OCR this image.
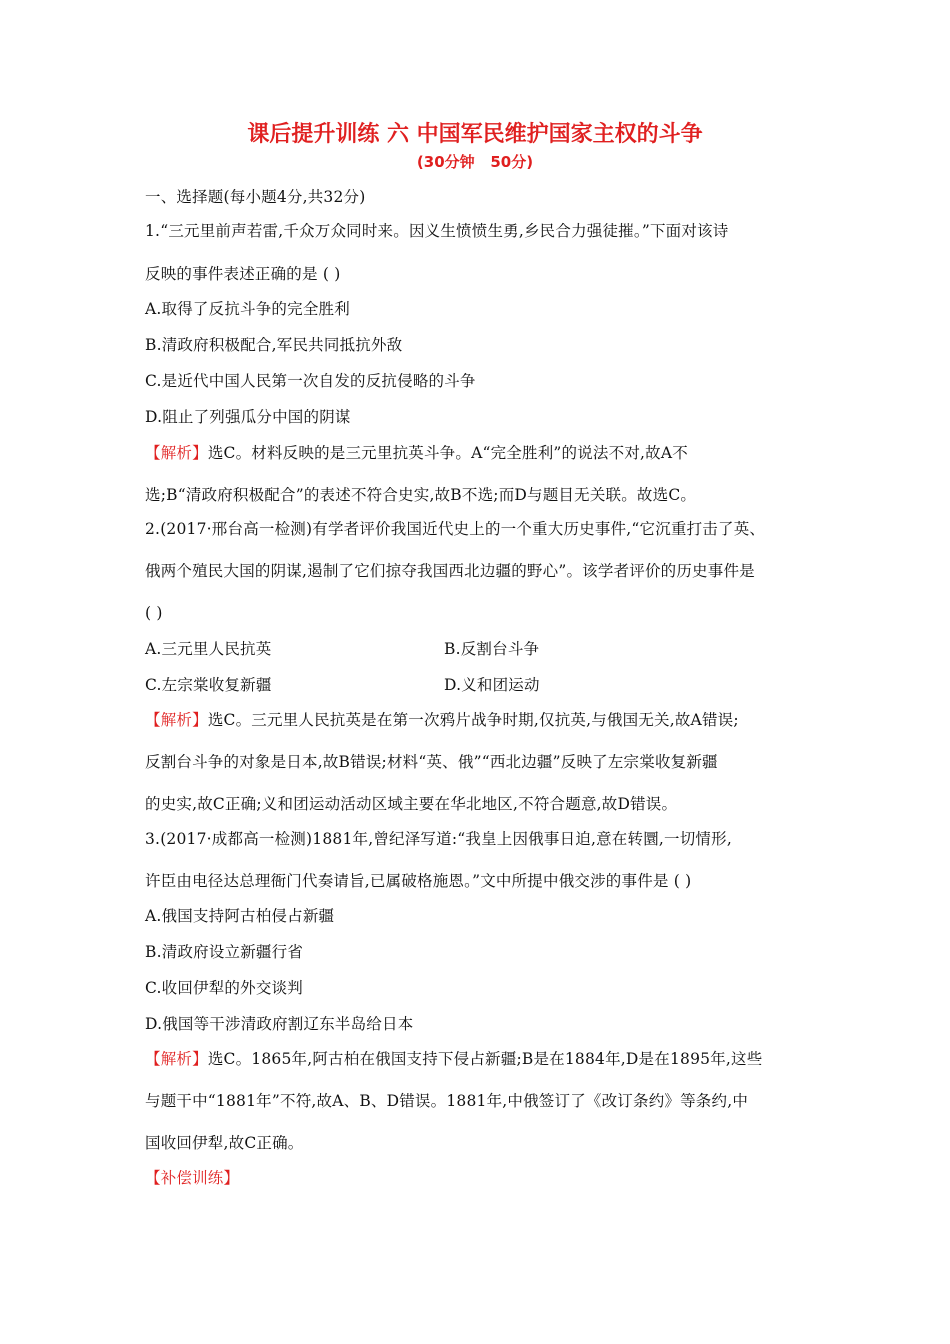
课后提升训练 六 中国军民维护国家主权的斗争
(30分钟   50分)
一、选择题(每小题4分,共32分)
1.“三元里前声若雷,千众万众同时来。因义生愤愤生勇,乡民合力强徒摧。”下面对该诗
反映的事件表述正确的是 ( )
A.取得了反抗斗争的完全胜利
B.清政府积极配合,军民共同抵抗外敌
C.是近代中国人民第一次自发的反抗侵略的斗争
D.阻止了列强瓜分中国的阴谋
【解析】选C。材料反映的是三元里抗英斗争。A“完全胜利”的说法不对,故A不
选;B“清政府积极配合”的表述不符合史实,故B不选;而D与题目无关联。故选C。
2.(2017·邢台高一检测)有学者评价我国近代史上的一个重大历史事件,“它沉重打击了英、
俄两个殖民大国的阴谋,遏制了它们掠夺我国西北边疆的野心”。该学者评价的历史事件是
( )
A.三元里人民抗英	B.反割台斗争
C.左宗棠收复新疆	D.义和团运动
【解析】选C。三元里人民抗英是在第一次鸦片战争时期,仅抗英,与俄国无关,故A错误;
反割台斗争的对象是日本,故B错误;材料“英、俄”“西北边疆”反映了左宗棠收复新疆
的史实,故C正确;义和团运动活动区域主要在华北地区,不符合题意,故D错误。
3.(2017·成都高一检测)1881年,曾纪泽写道:“我皇上因俄事日迫,意在转圜,一切情形,
许臣由电径达总理衙门代奏请旨,已属破格施恩。”文中所提中俄交涉的事件是 ( )
A.俄国支持阿古柏侵占新疆
B.清政府设立新疆行省
C.收回伊犁的外交谈判
D.俄国等干涉清政府割辽东半岛给日本
【解析】选C。1865年,阿古柏在俄国支持下侵占新疆;B是在1884年,D是在1895年,这些
与题干中“1881年”不符,故A、B、D错误。1881年,中俄签订了《改订条约》等条约,中
国收回伊犁,故C正确。
【补偿训练】
